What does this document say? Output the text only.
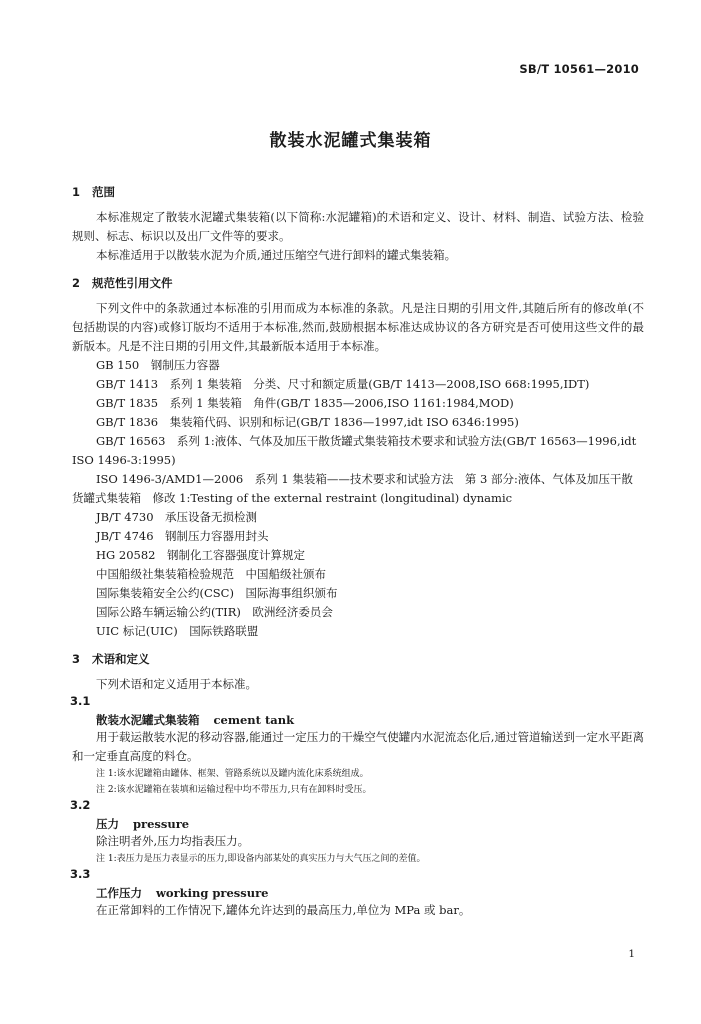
SB/T 10561—2010
散装水泥罐式集装箱

1 范围

本标准规定了散装水泥罐式集装箱(以下简称:水泥罐箱)的术语和定义、设计、材料、制造、试验方法、检验规则、标志、标识以及出厂文件等的要求。

本标准适用于以散装水泥为介质,通过压缩空气进行卸料的罐式集装箱。

2 规范性引用文件

下列文件中的条款通过本标准的引用而成为本标准的条款。凡是注日期的引用文件,其随后所有的修改单(不包括勘误的内容)或修订版均不适用于本标准,然而,鼓励根据本标准达成协议的各方研究是否可使用这些文件的最新版本。凡是不注日期的引用文件,其最新版本适用于本标准。

GB 150　钢制压力容器

GB/T 1413　系列 1 集装箱　分类、尺寸和额定质量(GB/T 1413—2008,ISO 668:1995,IDT)

GB/T 1835　系列 1 集装箱　角件(GB/T 1835—2006,ISO 1161:1984,MOD)

GB/T 1836　集装箱代码、识别和标记(GB/T 1836—1997,idt ISO 6346:1995)

GB/T 16563　系列 1:液体、气体及加压干散货罐式集装箱技术要求和试验方法(GB/T 16563—1996,idt ISO 1496-3:1995)

ISO 1496-3/AMD1—2006　系列 1 集装箱——技术要求和试验方法　第 3 部分:液体、气体及加压干散货罐式集装箱　修改 1:Testing of the external restraint (longitudinal) dynamic

JB/T 4730　承压设备无损检测

JB/T 4746　钢制压力容器用封头

HG 20582　钢制化工容器强度计算规定

中国船级社集装箱检验规范　中国船级社颁布

国际集装箱安全公约(CSC)　国际海事组织颁布

国际公路车辆运输公约(TIR)　欧洲经济委员会

UIC 标记(UIC)　国际铁路联盟

3 术语和定义

下列术语和定义适用于本标准。

3.1

散装水泥罐式集装箱 cement tank

用于载运散装水泥的移动容器,能通过一定压力的干燥空气使罐内水泥流态化后,通过管道输送到一定水平距离和一定垂直高度的料仓。

注 1:该水泥罐箱由罐体、框架、管路系统以及罐内流化床系统组成。

注 2:该水泥罐箱在装填和运输过程中均不带压力,只有在卸料时受压。

3.2

压力 pressure

除注明者外,压力均指表压力。

注 1:表压力是压力表显示的压力,即设备内部某处的真实压力与大气压之间的差值。

3.3

工作压力 working pressure

在正常卸料的工作情况下,罐体允许达到的最高压力,单位为 MPa 或 bar。

1
